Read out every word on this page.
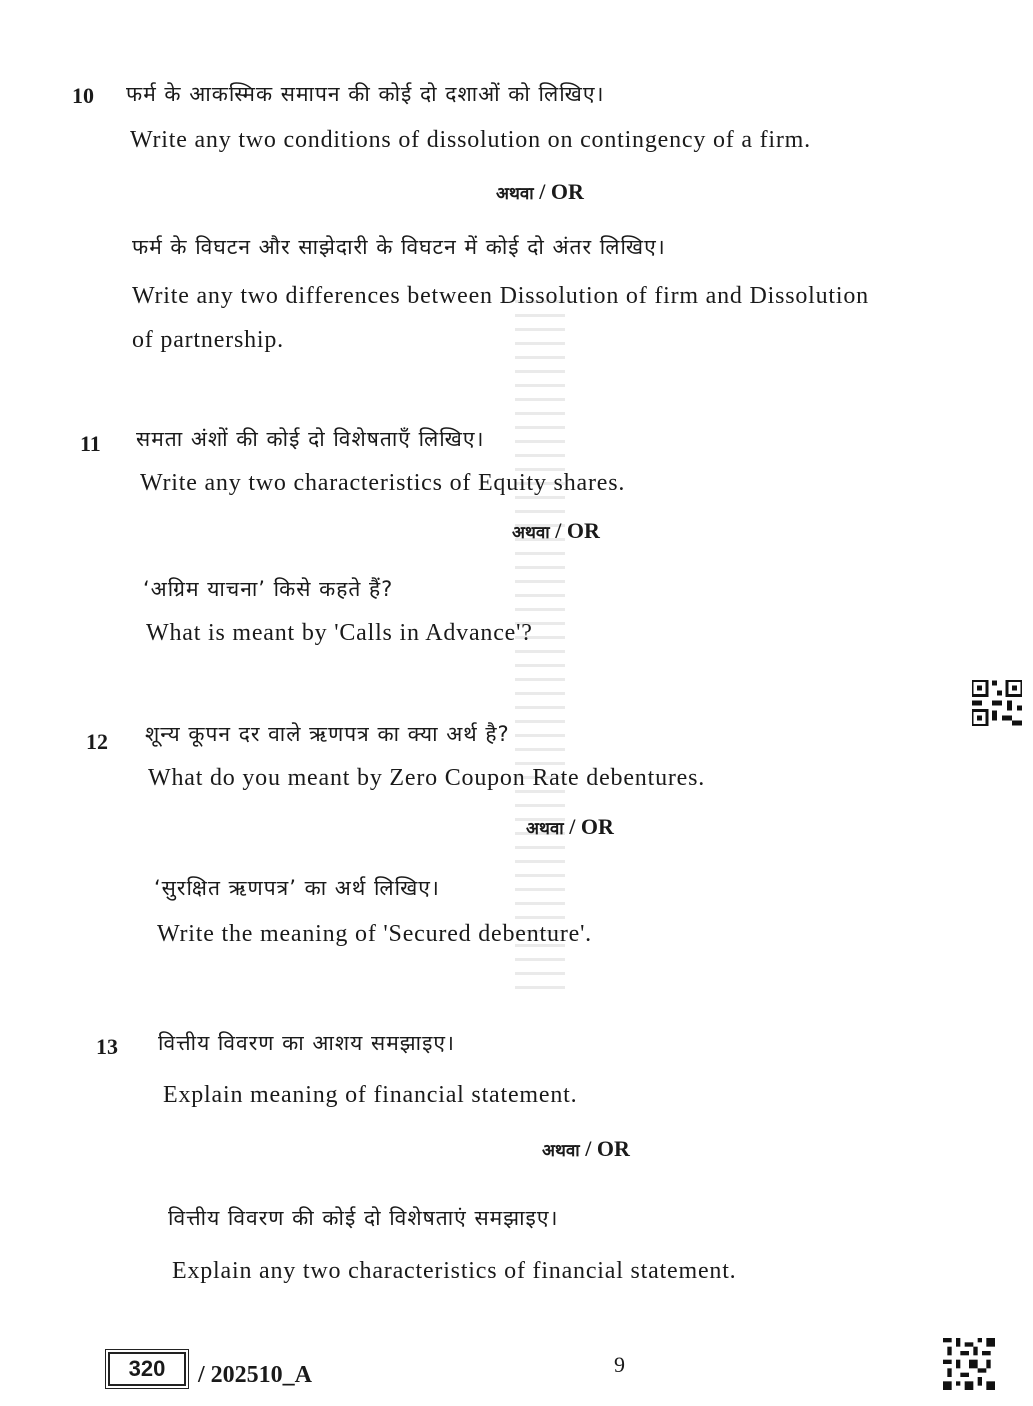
10 फर्म के आकस्मिक समापन की कोई दो दशाओं को लिखिए।
Write any two conditions of dissolution on contingency of a firm.
अथवा / OR
फर्म के विघटन और साझेदारी के विघटन में कोई दो अंतर लिखिए।
Write any two differences between Dissolution of firm and Dissolution
of partnership.
11 समता अंशों की कोई दो विशेषताएँ लिखिए।
Write any two characteristics of Equity shares.
अथवा / OR
‘अग्रिम याचना’ किसे कहते हैं?
What is meant by 'Calls in Advance'?
12 शून्य कूपन दर वाले ऋणपत्र का क्या अर्थ है?
What do you meant by Zero Coupon Rate debentures.
अथवा / OR
‘सुरक्षित ऋणपत्र’ का अर्थ लिखिए।
Write the meaning of 'Secured debenture'.
13 वित्तीय विवरण का आशय समझाइए।
Explain meaning of financial statement.
अथवा / OR
वित्तीय विवरण की कोई दो विशेषताएं समझाइए।
Explain any two characteristics of financial statement.
320	/ 202510_A	9
